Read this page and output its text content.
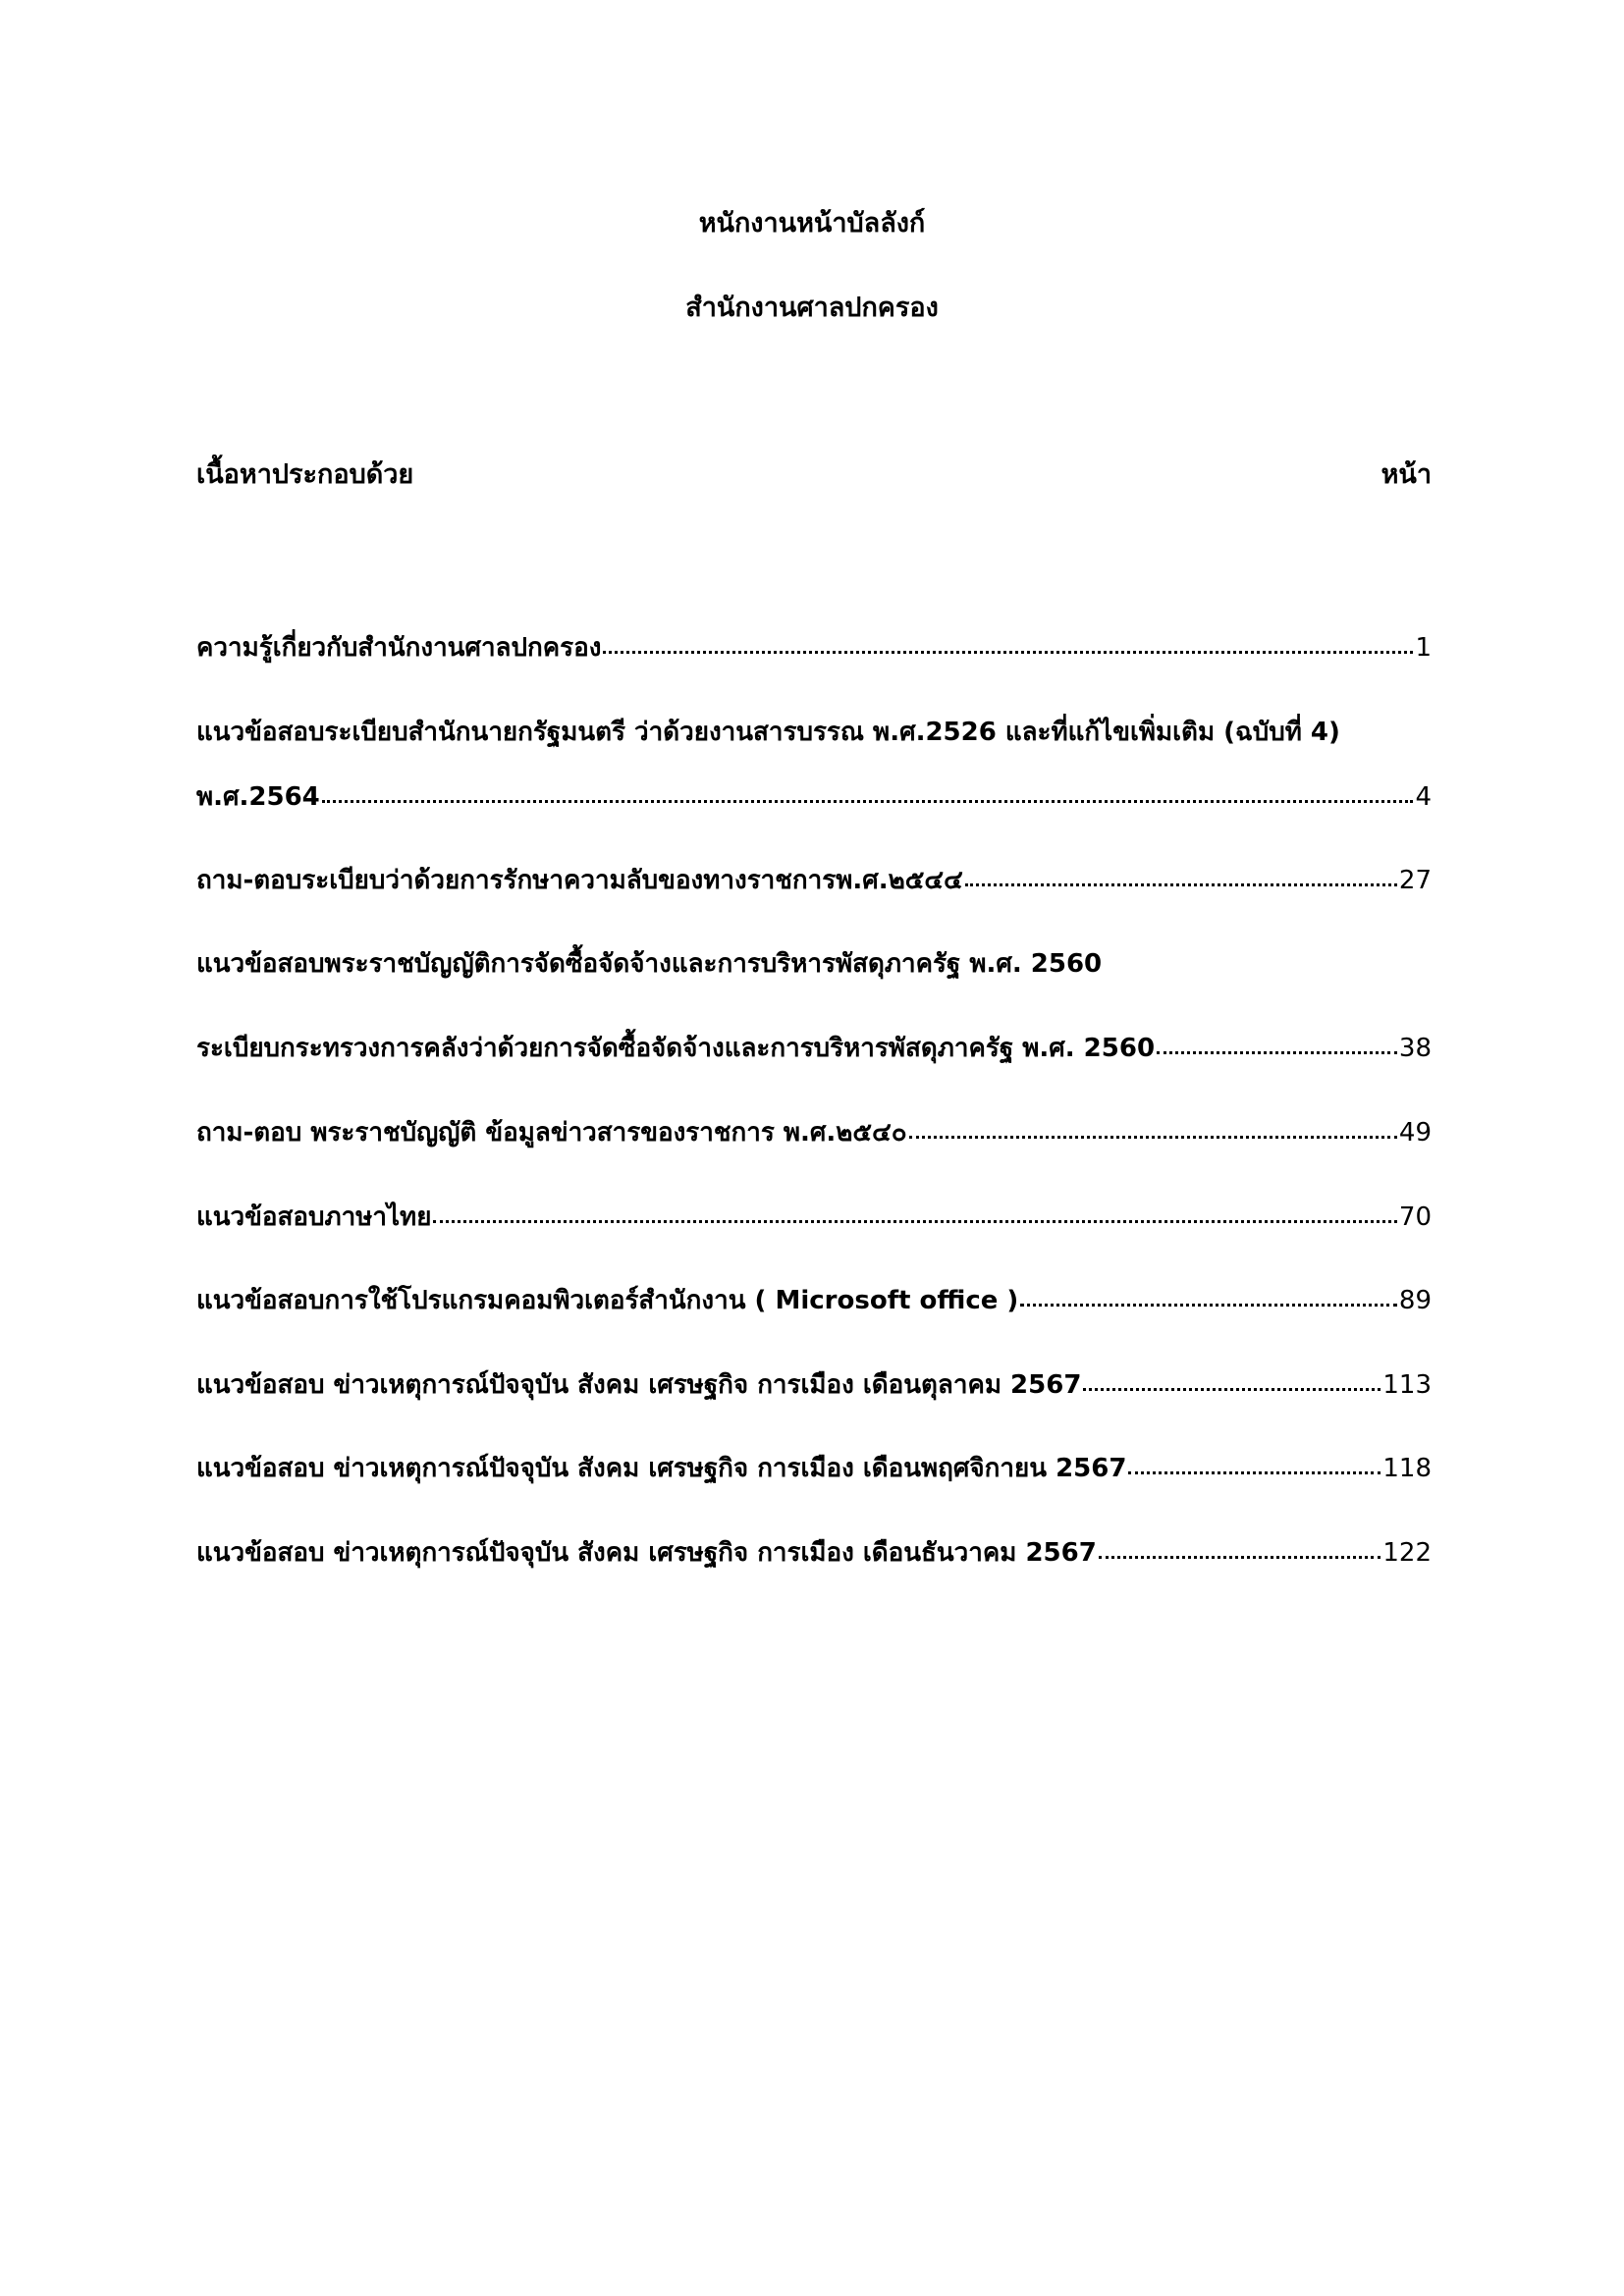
หนักงานหน้าบัลลังก์
สำนักงานศาลปกครอง
เนื้อหาประกอบด้วย	หน้า
ความรู้เกี่ยวกับสำนักงานศาลปกครอง	1
แนวข้อสอบระเบียบสำนักนายกรัฐมนตรี ว่าด้วยงานสารบรรณ พ.ศ.2526 และที่แก้ไขเพิ่มเติม (ฉบับที่ 4)
พ.ศ.2564	4
ถาม-ตอบระเบียบว่าด้วยการรักษาความลับของทางราชการพ.ศ.๒๕๔๔	27
แนวข้อสอบพระราชบัญญัติการจัดซื้อจัดจ้างและการบริหารพัสดุภาครัฐ พ.ศ. 2560
ระเบียบกระทรวงการคลังว่าด้วยการจัดซื้อจัดจ้างและการบริหารพัสดุภาครัฐ พ.ศ. 2560	38
ถาม-ตอบ พระราชบัญญัติ ข้อมูลข่าวสารของราชการ พ.ศ.๒๕๔๐	49
แนวข้อสอบภาษาไทย	70
แนวข้อสอบการใช้โปรแกรมคอมพิวเตอร์สำนักงาน ( Microsoft office )	89
แนวข้อสอบ ข่าวเหตุการณ์ปัจจุบัน สังคม เศรษฐกิจ การเมือง เดือนตุลาคม 2567	113
แนวข้อสอบ ข่าวเหตุการณ์ปัจจุบัน สังคม เศรษฐกิจ การเมือง เดือนพฤศจิกายน 2567	118
แนวข้อสอบ ข่าวเหตุการณ์ปัจจุบัน สังคม เศรษฐกิจ การเมือง เดือนธันวาคม 2567	122
